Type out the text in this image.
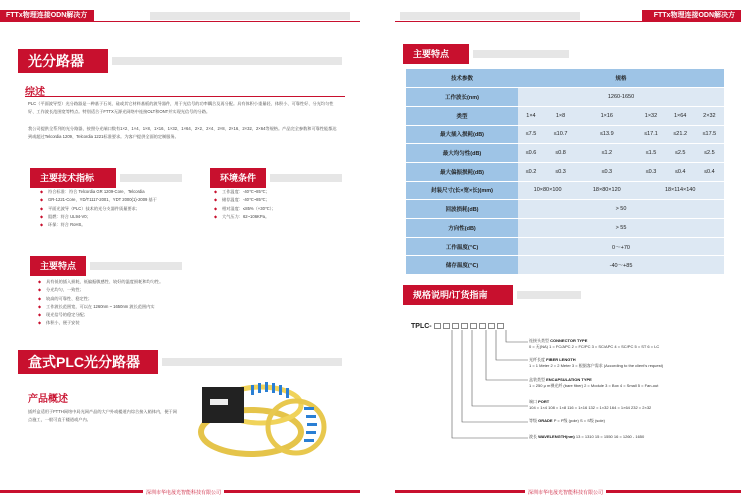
FTTx物理连接ODN解决方案
FTTx物理连接ODN解决方案
光分路器
综述

PLC（平面波导型）光分路器是一种基于石英、硅或其它材料基板的波导器件，用于光信号的功率耦合及再分配。具有体积小重量轻、体积小、可靠性好、分光均匀性好、工作波长范围宽等特点。特别适合于FTTX无源光网络中连接OLT和ONT并实现光信号的分路。

我公司提供全系列的光分路器，按照分光端口数有1×2、1×4、1×8、1×16、1×32、1×64、2×2、2×4、2×8、2×16、2×32、2×64等规格。产品完全参数和可靠性能都达到或超过Telcordia 1209、Telcordia 1221标准要求。为客户提供全面的定制服务。

主要技术指标
◆ 符合标准：符合 Telcordia GR 1209-Core、Telcordia
◆ GR-1221-Core、YD/T1117-2001、YDT 2000(1)-2009 基于
◆ 平面光波导（PLC）技术的光分支器件质量要求；
◆ 阻燃：符合 UL94-V0；
◆ 环保：符合 RoHS。
环境条件
◆ 工作温度：-40℃~85℃；
◆ 储存温度：-40℃~85℃；
◆ 相对湿度：≤85%（+30℃）；
◆ 大气压力：62~106KPa。
主要特点
◆ 具有低的插入损耗、低偏振敏感性、较好的温度损耗和均匀性。
◆ 分光均匀、一致性；
◆ 较高的可靠性、稳定性；
◆ 工作波长范围宽，可以在 1260nm ~ 1650nm 波长范围内实
◆ 现光信号的稳定分配；
◆ 体积小，便于安装
盒式PLC光分路器
产品概述

插纤盒适用于FTTH网络中局光网产品的大户外或楼道内综合接入箱体内，便于网点施工，一般可直于楼道或户内。

深圳市华电晟光智能科技有限公司
主要特点
技术参数	规格					
工作波长(nm)	1260-1650					
类型	1×4	1×8	1×16	1×32	1×64	2×32
最大插入损耗(dB)	≤7.5	≤10.7	≤13.9	≤17.1	≤21.2	≤17.5
最大均匀性(dB)	≤0.6	≤0.8	≤1.2	≤1.5	≤2.5	≤2.5
最大偏振损耗(dB)	≤0.2	≤0.3	≤0.3	≤0.3	≤0.4	≤0.4
封装尺寸(长×宽×长)(mm)	10×80×100		18×80×120	18×114×140		
回波损耗(dB)	> 50					
方向性(dB)	> 55					
工作温度(℃)	0～+70					
储存温度(℃)	-40～+85					
规格说明/订货指南
TPLC-
连接头类型 CONNECTOR TYPE
0 = 无(NA) 1 = FC/APC 2 = FC/PC 3 = SC/APC 4 = SC/PC 5 = ST 6 = LC
光纤长度 FIBER LENGTH
1 = 1 Meter 2 = 2 Meter 3 = 根据客户需求 (According to the client's request)
盒装类型 ENCAPSULATION TYPE
1 = 250 μ m裸光纤 (bare fiber) 2 = Module 3 = Box 4 = Small 5 = Fan-out
端口 PORT
104 = 1×4 108 = 1×8 116 = 1×16 132 = 1×32 164 = 1×64 232 = 2×32
等级 GRADE P = P级 (pole) S = S级 (sole)
波长 WAVELENGTH(nm) 13 = 1310 15 = 1550 16 = 1260 - 1650
深圳市华电晟光智能科技有限公司
